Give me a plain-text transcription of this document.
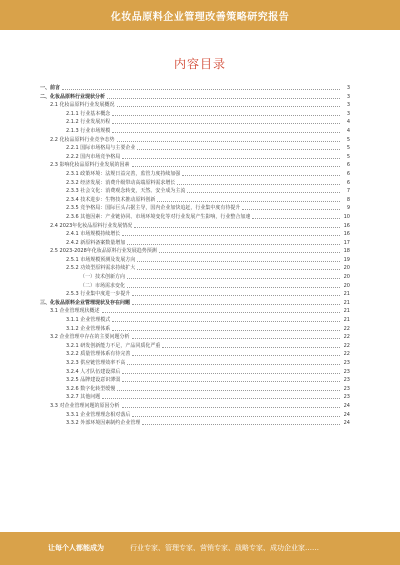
化妆品原料企业管理改善策略研究报告
内容目录
一、前言	3
二、化妆品原料行业现状分析	3
2.1 化妆品原料行业发展概况	3
2.1.1 行业基本概念	3
2.1.2 行业发展历程	4
2.1.3 行业市场规模	4
2.2 化妆品原料行业竞争态势	5
2.2.1 国际市场格局与主要企业	5
2.2.2 国内市场竞争格局	5
2.3 影响化妆品原料行业发展的因素	6
2.3.1 政策环境：法规日益完善，监管力度持续加强	6
2.3.2 经济发展：消费升级带动高端原料需求增长	6
2.3.3 社会文化：消费观念转变，天然、安全成为主流	7
2.3.4 技术进步：生物技术推动原料创新	8
2.3.5 竞争格局：国际巨头占据主导，国内企业加快追赶，行业集中度有待提升	9
2.3.6 其他因素：产业链协同、市场环境变化等对行业发展产生影响，行业整合加速	10
2.4 2023年化妆品原料行业发展情况	16
2.4.1 市场规模持续增长	16
2.4.2 新原料备案数量增加	17
2.5 2023-2028年化妆品原料行业发展趋势预测	18
2.5.1 市场规模预测及发展方向	19
2.5.2 功效型原料需求持续扩大	20
（一）技术创新方向	20
（二）市场需求变化	20
2.5.3 行业集中度进一步提升	21
三、化妆品原料企业管理现状及存在问题	21
3.1 企业管理现状概述	21
3.1.1 企业管理模式	21
3.1.2 企业管理体系	22
3.2 企业管理中存在的主要问题分析	22
3.2.1 研发创新能力不足，产品同质化严重	22
3.2.2 质量管理体系有待完善	22
3.2.3 供应链管理效率不高	23
3.2.4 人才队伍建设滞后	23
3.2.5 品牌建设意识薄弱	23
3.2.6 数字化转型缓慢	23
3.2.7 其他问题	23
3.3 对企业管理问题的原因分析	24
3.3.1 企业管理理念相对落后	24
3.3.2 外部环境因素制约企业管理	24
让每个人都能成为	行业专家、管理专家、营销专家、战略专家、成功企业家……
